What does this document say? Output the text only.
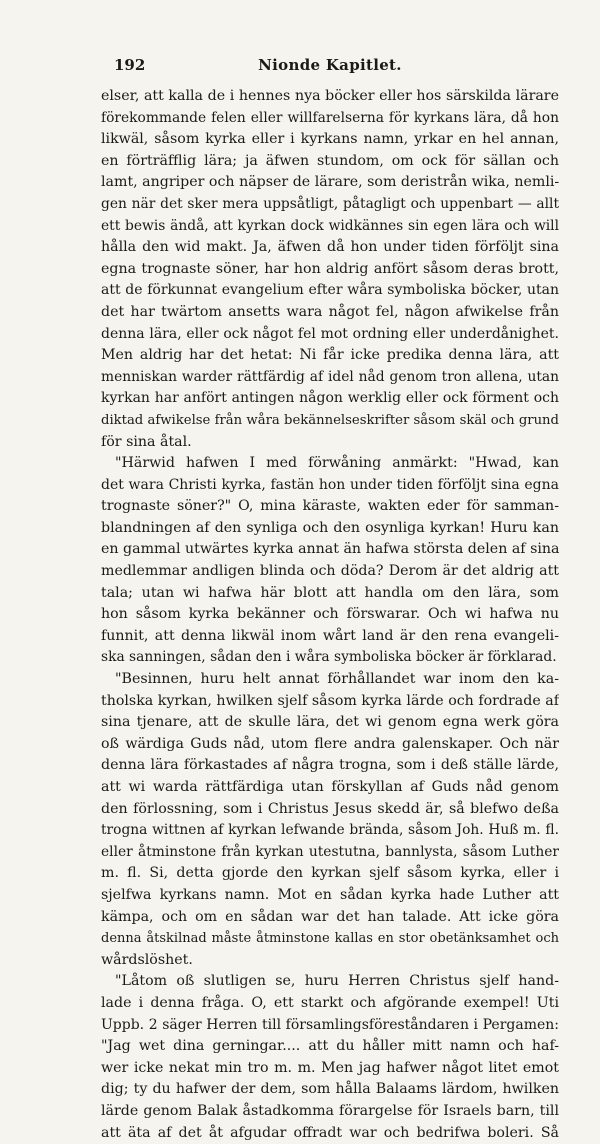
192	Nionde Kapitlet.
elser, att kalla de i hennes nya böcker eller hos särskilda lärare
förekommande felen eller willfarelserna för kyrkans lära, då hon
likwäl, såsom kyrka eller i kyrkans namn, yrkar en hel annan,
en förträfflig lära; ja äfwen stundom, om ock för sällan och
lamt, angriper och näpser de lärare, som deristrån wika, nemli-
gen när det sker mera uppsåtligt, påtagligt och uppenbart — allt
ett bewis ändå, att kyrkan dock widkännes sin egen lära och will
hålla den wid makt. Ja, äfwen då hon under tiden förföljt sina
egna trognaste söner, har hon aldrig anfört såsom deras brott,
att de förkunnat evangelium efter wåra symboliska böcker, utan
det har twärtom ansetts wara något fel, någon afwikelse från
denna lära, eller ock något fel mot ordning eller underdånighet.
Men aldrig har det hetat: Ni får icke predika denna lära, att
menniskan warder rättfärdig af idel nåd genom tron allena, utan
kyrkan har anfört antingen någon werklig eller ock förment och
diktad afwikelse från wåra bekännelseskrifter såsom skäl och grund
för sina åtal.
"Härwid hafwen I med förwåning anmärkt: "Hwad, kan
det wara Christi kyrka, fastän hon under tiden förföljt sina egna
trognaste söner?" O, mina käraste, wakten eder för samman-
blandningen af den synliga och den osynliga kyrkan! Huru kan
en gammal utwärtes kyrka annat än hafwa största delen af sina
medlemmar andligen blinda och döda? Derom är det aldrig att
tala; utan wi hafwa här blott att handla om den lära, som
hon såsom kyrka bekänner och förswarar. Och wi hafwa nu
funnit, att denna likwäl inom wårt land är den rena evangeli-
ska sanningen, sådan den i wåra symboliska böcker är förklarad.
"Besinnen, huru helt annat förhållandet war inom den ka-
tholska kyrkan, hwilken sjelf såsom kyrka lärde och fordrade af
sina tjenare, att de skulle lära, det wi genom egna werk göra
oß wärdiga Guds nåd, utom flere andra galenskaper. Och när
denna lära förkastades af några trogna, som i deß ställe lärde,
att wi warda rättfärdiga utan förskyllan af Guds nåd genom
den förlossning, som i Christus Jesus skedd är, så blefwo deßa
trogna wittnen af kyrkan lefwande brända, såsom Joh. Huß m. fl.
eller åtminstone från kyrkan utestutna, bannlysta, såsom Luther
m. fl. Si, detta gjorde den kyrkan sjelf såsom kyrka, eller i
sjelfwa kyrkans namn. Mot en sådan kyrka hade Luther att
kämpa, och om en sådan war det han talade. Att icke göra
denna åtskilnad måste åtminstone kallas en stor obetänksamhet och
wårdslöshet.
"Låtom oß slutligen se, huru Herren Christus sjelf hand-
lade i denna fråga. O, ett starkt och afgörande exempel! Uti
Uppb. 2 säger Herren till församlingsföreståndaren i Pergamen:
"Jag wet dina gerningar.... att du håller mitt namn och haf-
wer icke nekat min tro m. m. Men jag hafwer något litet emot
dig; ty du hafwer der dem, som hålla Balaams lärdom, hwilken
lärde genom Balak åstadkomma förargelse för Israels barn, till
att äta af det åt afgudar offradt war och bedrifwa boleri. Så
